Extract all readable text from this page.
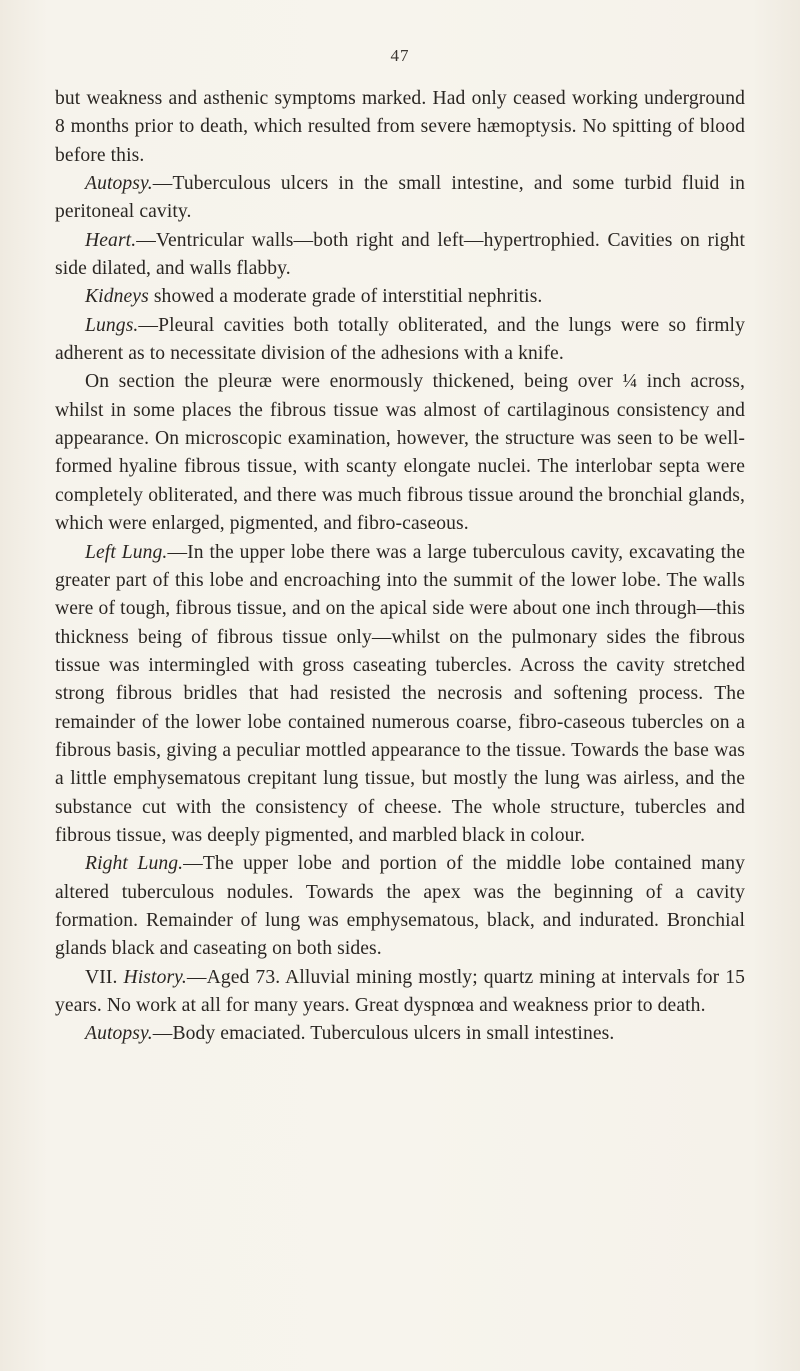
47

but weakness and asthenic symptoms marked. Had only ceased working underground 8 months prior to death, which resulted from severe hæmoptysis. No spitting of blood before this.

Autopsy.—Tuberculous ulcers in the small intestine, and some turbid fluid in peritoneal cavity.

Heart.—Ventricular walls—both right and left—hypertrophied. Cavities on right side dilated, and walls flabby.

Kidneys showed a moderate grade of interstitial nephritis.

Lungs.—Pleural cavities both totally obliterated, and the lungs were so firmly adherent as to necessitate division of the adhesions with a knife.

On section the pleuræ were enormously thickened, being over ¼ inch across, whilst in some places the fibrous tissue was almost of cartilaginous consistency and appearance. On microscopic examination, however, the structure was seen to be well-formed hyaline fibrous tissue, with scanty elongate nuclei. The interlobar septa were completely obliterated, and there was much fibrous tissue around the bronchial glands, which were enlarged, pigmented, and fibro-caseous.

Left Lung.—In the upper lobe there was a large tuberculous cavity, excavating the greater part of this lobe and encroaching into the summit of the lower lobe. The walls were of tough, fibrous tissue, and on the apical side were about one inch through—this thickness being of fibrous tissue only—whilst on the pulmonary sides the fibrous tissue was intermingled with gross caseating tubercles. Across the cavity stretched strong fibrous bridles that had resisted the necrosis and softening process. The remainder of the lower lobe contained numerous coarse, fibro-caseous tubercles on a fibrous basis, giving a peculiar mottled appearance to the tissue. Towards the base was a little emphysematous crepitant lung tissue, but mostly the lung was airless, and the substance cut with the consistency of cheese. The whole structure, tubercles and fibrous tissue, was deeply pigmented, and marbled black in colour.

Right Lung.—The upper lobe and portion of the middle lobe contained many altered tuberculous nodules. Towards the apex was the beginning of a cavity formation. Remainder of lung was emphysematous, black, and indurated. Bronchial glands black and caseating on both sides.

VII. History.—Aged 73. Alluvial mining mostly; quartz mining at intervals for 15 years. No work at all for many years. Great dyspnœa and weakness prior to death.

Autopsy.—Body emaciated. Tuberculous ulcers in small intestines.
